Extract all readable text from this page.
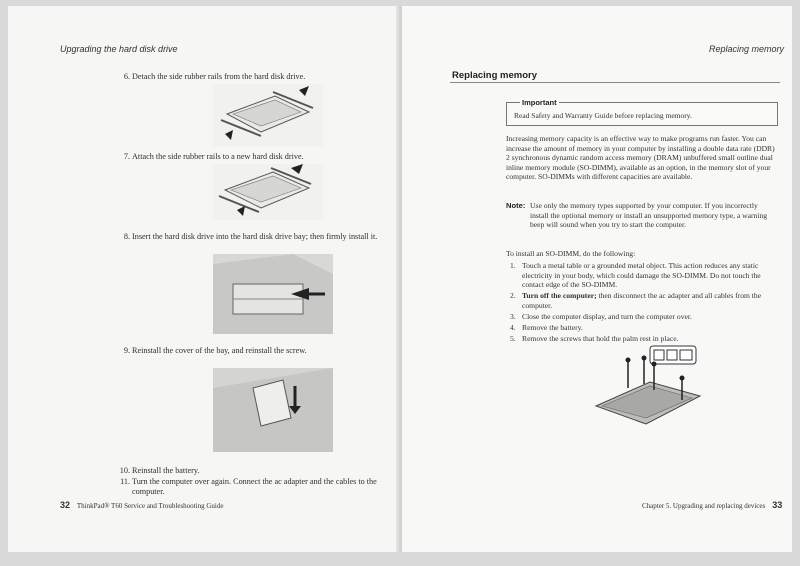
Upgrading the hard disk drive
6. Detach the side rubber rails from the hard disk drive.
7. Attach the side rubber rails to a new hard disk drive.
8. Insert the hard disk drive into the hard disk drive bay; then firmly install it.
9. Reinstall the cover of the bay, and reinstall the screw.
10. Reinstall the battery.
11. Turn the computer over again. Connect the ac adapter and the cables to the computer.
32 ThinkPad® T60 Service and Troubleshooting Guide
Replacing memory
Replacing memory
Important
Read Safety and Warranty Guide before replacing memory.
Increasing memory capacity is an effective way to make programs run faster. You can increase the amount of memory in your computer by installing a double data rate (DDR) 2 synchronous dynamic random access memory (DRAM) unbuffered small outline dual inline memory module (SO-DIMM), available as an option, in the memory slot of your computer. SO-DIMMs with different capacities are available.
Note: Use only the memory types supported by your computer. If you incorrectly install the optional memory or install an unsupported memory type, a warning beep will sound when you try to start the computer.
To install an SO-DIMM, do the following:
1. Touch a metal table or a grounded metal object. This action reduces any static electricity in your body, which could damage the SO-DIMM. Do not touch the contact edge of the SO-DIMM.
2. Turn off the computer; then disconnect the ac adapter and all cables from the computer.
3. Close the computer display, and turn the computer over.
4. Remove the battery.
5. Remove the screws that hold the palm rest in place.
Chapter 5. Upgrading and replacing devices 33
